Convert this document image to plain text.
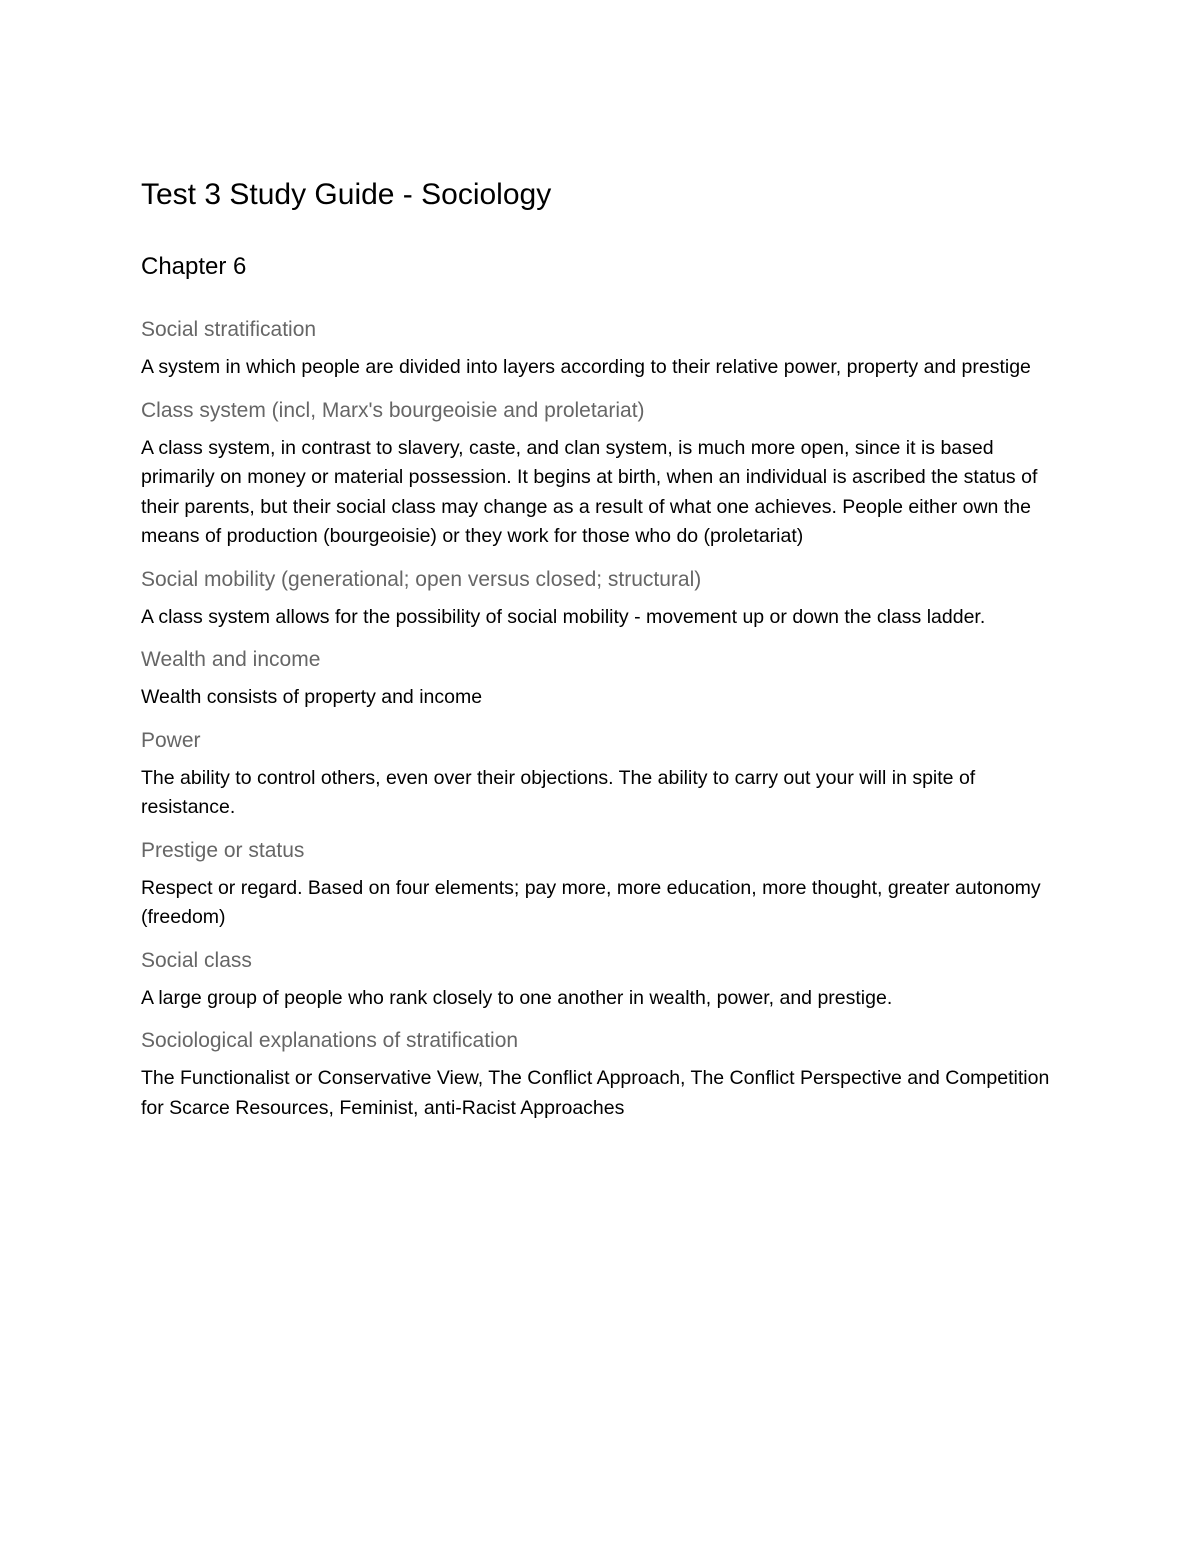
Test 3 Study Guide - Sociology
Chapter 6
Social stratification

A system in which people are divided into layers according to their relative power, property and prestige

Class system (incl, Marx's bourgeoisie and proletariat)

A class system, in contrast to slavery, caste, and clan system, is much more open, since it is based primarily on money or material possession. It begins at birth, when an individual is ascribed the status of their parents, but their social class may change as a result of what one achieves. People either own the means of production (bourgeoisie) or they work for those who do (proletariat)

Social mobility (generational; open versus closed; structural)

A class system allows for the possibility of social mobility - movement up or down the class ladder.

Wealth and income

Wealth consists of property and income

Power

The ability to control others, even over their objections. The ability to carry out your will in spite of resistance.

Prestige or status

Respect or regard. Based on four elements; pay more, more education, more thought, greater autonomy (freedom)

Social class

A large group of people who rank closely to one another in wealth, power, and prestige.

Sociological explanations of stratification

The Functionalist or Conservative View, The Conflict Approach, The Conflict Perspective and Competition for Scarce Resources, Feminist, anti-Racist Approaches
